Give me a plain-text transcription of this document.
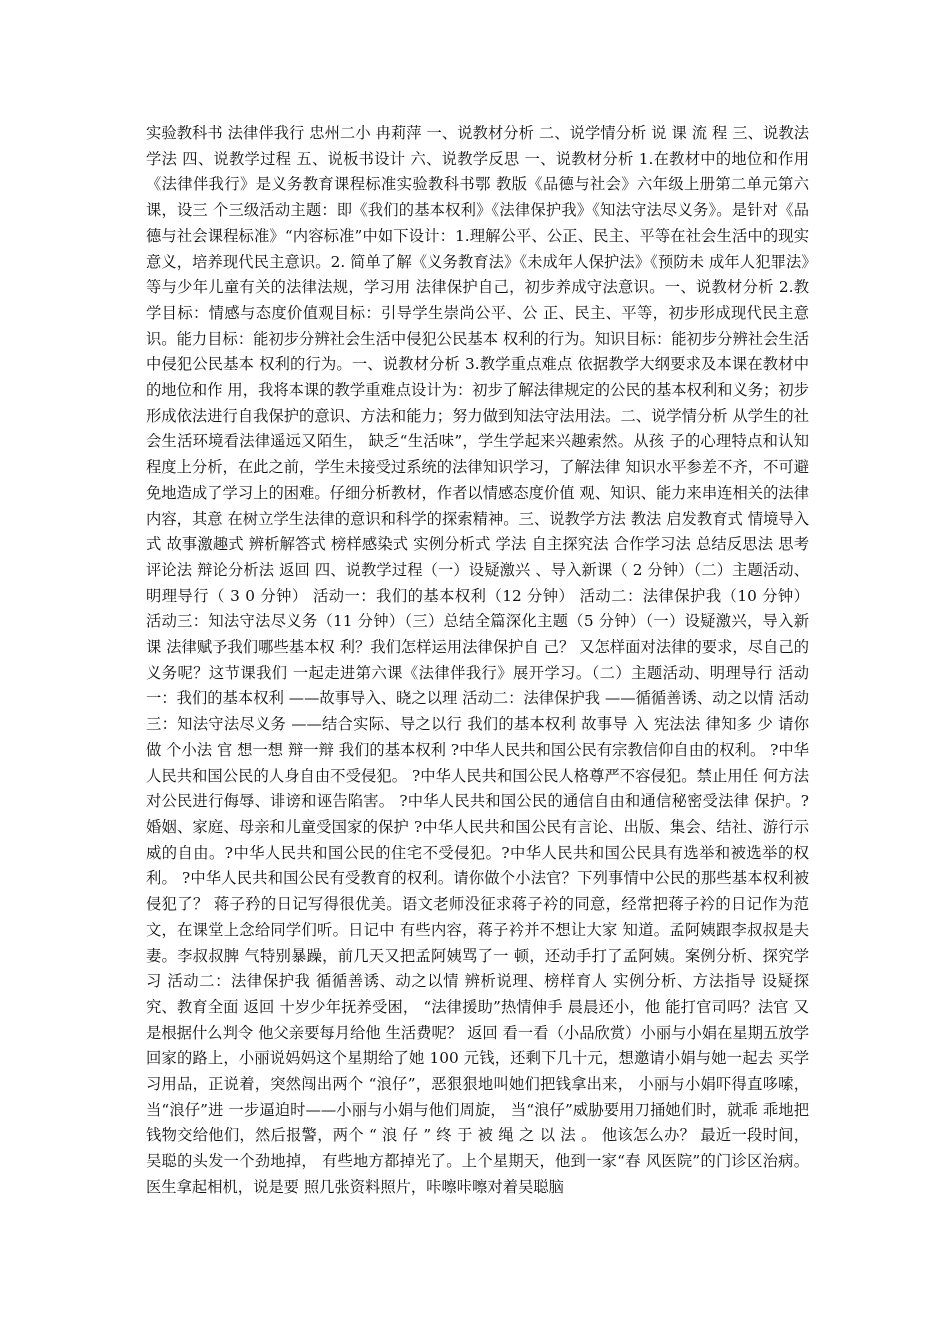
实验教科书 法律伴我行 忠州二小 冉莉萍 一、说教材分析 二、说学情分析 说 课 流 程 三、说教法学法 四、说教学过程 五、说板书设计 六、说教学反思 一、说教材分析 1.在教材中的地位和作用《法律伴我行》是义务教育课程标准实验教科书鄂 教版《品德与社会》六年级上册第二单元第六课，设三 个三级活动主题：即《我们的基本权利》《法律保护我》《知法守法尽义务》。是针对《品德与社会课程标准》“内容标准”中如下设计：1.理解公平、公正、民主、平等在社会生活中的现实意义，培养现代民主意识。2. 简单了解《义务教育法》《未成年人保护法》《预防未 成年人犯罪法》等与少年儿童有关的法律法规，学习用 法律保护自己，初步养成守法意识。一、说教材分析 2.教学目标：情感与态度价值观目标：引导学生崇尚公平、公 正、民主、平等，初步形成现代民主意识。能力目标：能初步分辨社会生活中侵犯公民基本 权利的行为。知识目标：能初步分辨社会生活中侵犯公民基本 权利的行为。一、说教材分析 3.教学重点难点 依据教学大纲要求及本课在教材中的地位和作 用，我将本课的教学重难点设计为：初步了解法律规定的公民的基本权利和义务；初步形成依法进行自我保护的意识、方法和能力；努力做到知法守法用法。二、说学情分析 从学生的社会生活环境看法律遥远又陌生， 缺乏“生活味”，学生学起来兴趣索然。从孩 子的心理特点和认知程度上分析，在此之前，学生未接受过系统的法律知识学习，了解法律 知识水平参差不齐，不可避免地造成了学习上的困难。仔细分析教材，作者以情感态度价值 观、知识、能力来串连相关的法律内容，其意 在树立学生法律的意识和科学的探索精神。三、说教学方法 教法 启发教育式 情境导入式 故事激趣式 辨析解答式 榜样感染式 实例分析式 学法 自主探究法 合作学习法 总结反思法 思考评论法 辩论分析法 返回 四、说教学过程（一）设疑激兴 、导入新课（ 2 分钟）（二）主题活动、明理导行（ 3 0 分钟） 活动一：我们的基本权利（12 分钟） 活动二：法律保护我（10 分钟） 活动三：知法守法尽义务（11 分钟）（三）总结全篇深化主题（5 分钟）（一）设疑激兴，导入新课 法律赋予我们哪些基本权 利？我们怎样运用法律保护自 己？ 又怎样面对法律的要求，尽自己的义务呢？这节课我们 一起走进第六课《法律伴我行》展开学习。（二）主题活动、明理导行 活动一：我们的基本权利 ——故事导入、晓之以理 活动二：法律保护我 ——循循善诱、动之以情 活动三：知法守法尽义务 ——结合实际、导之以行 我们的基本权利 故事导 入 宪法法 律知多 少 请你做 个小法 官 想一想 辩一辩 我们的基本权利 ?中华人民共和国公民有宗教信仰自由的权利。 ?中华人民共和国公民的人身自由不受侵犯。 ?中华人民共和国公民人格尊严不容侵犯。禁止用任 何方法对公民进行侮辱、诽谤和诬告陷害。 ?中华人民共和国公民的通信自由和通信秘密受法律 保护。?婚姻、家庭、母亲和儿童受国家的保护 ?中华人民共和国公民有言论、出版、集会、结社、游行示威的自由。?中华人民共和国公民的住宅不受侵犯。?中华人民共和国公民具有选举和被选举的权利。 ?中华人民共和国公民有受教育的权利。请你做个小法官？下列事情中公民的那些基本权利被侵犯了？ 蒋子矜的日记写得很优美。语文老师没征求蒋子衿的同意，经常把蒋子衿的日记作为范文，在课堂上念给同学们听。日记中 有些内容，蒋子衿并不想让大家 知道。孟阿姨跟李叔叔是夫妻。李叔叔脾 气特别暴躁，前几天又把孟阿姨骂了一 顿，还动手打了孟阿姨。案例分析、探究学习 活动二：法律保护我 循循善诱、动之以情 辨析说理、榜样育人 实例分析、方法指导 设疑探究、教育全面 返回 十岁少年抚养受困， “法律援助”热情伸手 晨晨还小，他 能打官司吗？法官 又是根据什么判令 他父亲要每月给他 生活费呢？ 返回 看一看（小品欣赏）小丽与小娟在星期五放学回家的路上，小丽说妈妈这个星期给了她 100 元钱，还剩下几十元，想邀请小娟与她一起去 买学习用品，正说着，突然闯出两个 “浪仔”，恶狠狠地叫她们把钱拿出来， 小丽与小娟吓得直哆嗦，当“浪仔”进 一步逼迫时——小丽与小娟与他们周旋， 当“浪仔”威胁要用刀捅她们时，就乖 乖地把钱物交给他们，然后报警，两个 “ 浪 仔 ” 终 于 被 绳 之 以 法 。 他该怎么办？ 最近一段时间，吴聪的头发一个劲地掉， 有些地方都掉光了。上个星期天，他到一家“春 风医院”的门诊区治病。医生拿起相机，说是要 照几张资料照片，咔嚓咔嚓对着吴聪脑
